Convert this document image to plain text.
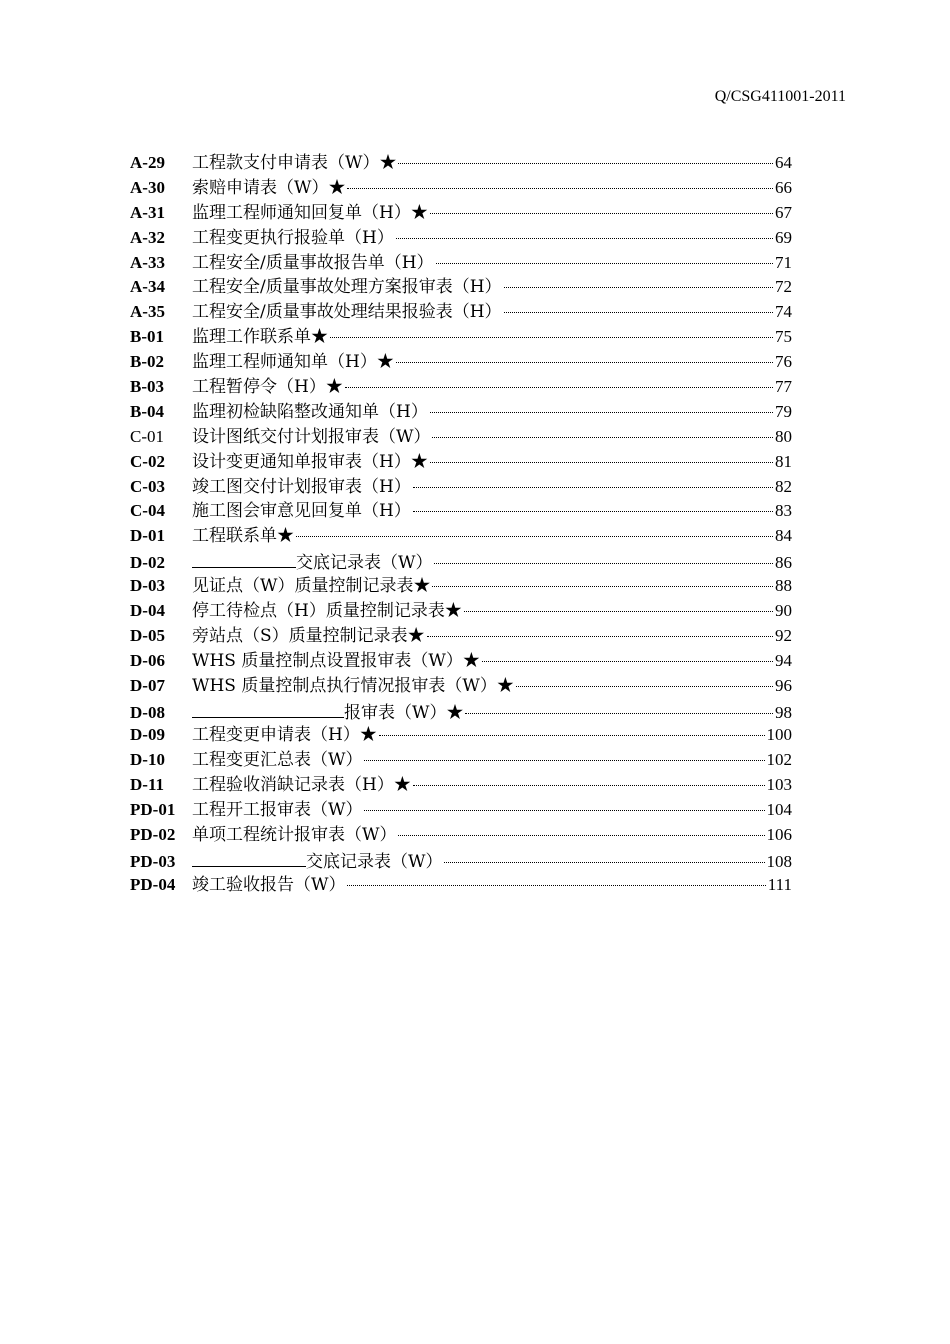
Q/CSG411001-2011
A-29	工程款支付申请表（W）★	64
A-30	索赔申请表（W）★	66
A-31	监理工程师通知回复单（H）★	67
A-32	工程变更执行报验单（H）	69
A-33	工程安全/质量事故报告单（H）	71
A-34	工程安全/质量事故处理方案报审表（H）	72
A-35	工程安全/质量事故处理结果报验表（H）	74
B-01	监理工作联系单★	75
B-02	监理工程师通知单（H）★	76
B-03	工程暂停令（H）★	77
B-04	监理初检缺陷整改通知单（H）	79
C-01	设计图纸交付计划报审表（W）	80
C-02	设计变更通知单报审表（H）★	81
C-03	竣工图交付计划报审表（H）	82
C-04	施工图会审意见回复单（H）	83
D-01	工程联系单★	84
D-02	交底记录表（W）	86
D-03	见证点（W）质量控制记录表★	88
D-04	停工待检点（H）质量控制记录表★	90
D-05	旁站点（S）质量控制记录表★	92
D-06	WHS 质量控制点设置报审表（W）★	94
D-07	WHS 质量控制点执行情况报审表（W）★	96
D-08	报审表（W）★	98
D-09	工程变更申请表（H）★	100
D-10	工程变更汇总表（W）	102
D-11	工程验收消缺记录表（H）★	103
PD-01 工程开工报审表（W）	104
PD-02 单项工程统计报审表（W）	106
PD-03	交底记录表（W）	108
PD-04 竣工验收报告（W）	111
